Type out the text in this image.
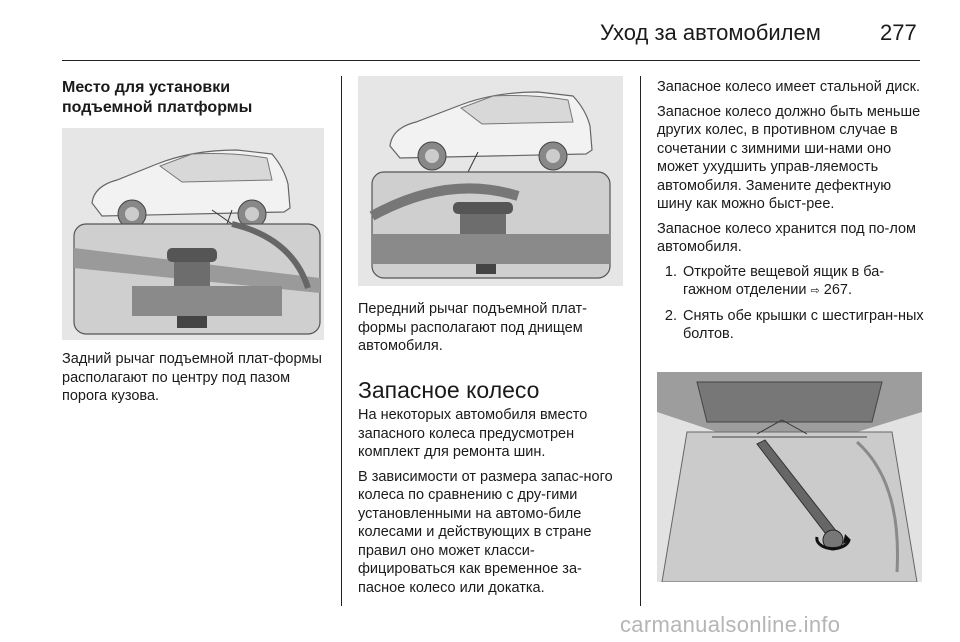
Уход за автомобилем	277

Место для установки

подъемной платформы

Задний рычаг подъемной плат-формы располагают по центру под пазом порога кузова.

Передний рычаг подъемной плат-формы располагают под днищем автомобиля.

Запасное колесо

На некоторых автомобиля вместо запасного колеса предусмотрен комплект для ремонта шин.

В зависимости от размера запас-ного колеса по сравнению с дру-гими установленными на автомо-биле колесами и действующих в стране правил оно может класси-фицироваться как временное за-пасное колесо или докатка.

Запасное колесо имеет стальной диск.

Запасное колесо должно быть меньше других колес, в противном случае в сочетании с зимними ши-нами оно может ухудшить управ-ляемость автомобиля. Замените дефектную шину как можно быст-рее.

Запасное колесо хранится под по-лом автомобиля.

1. Откройте вещевой ящик в ба-гажном отделении ⇨ 267.
2. Снять обе крышки с шестигран-ных болтов.
carmanualsonline.info
